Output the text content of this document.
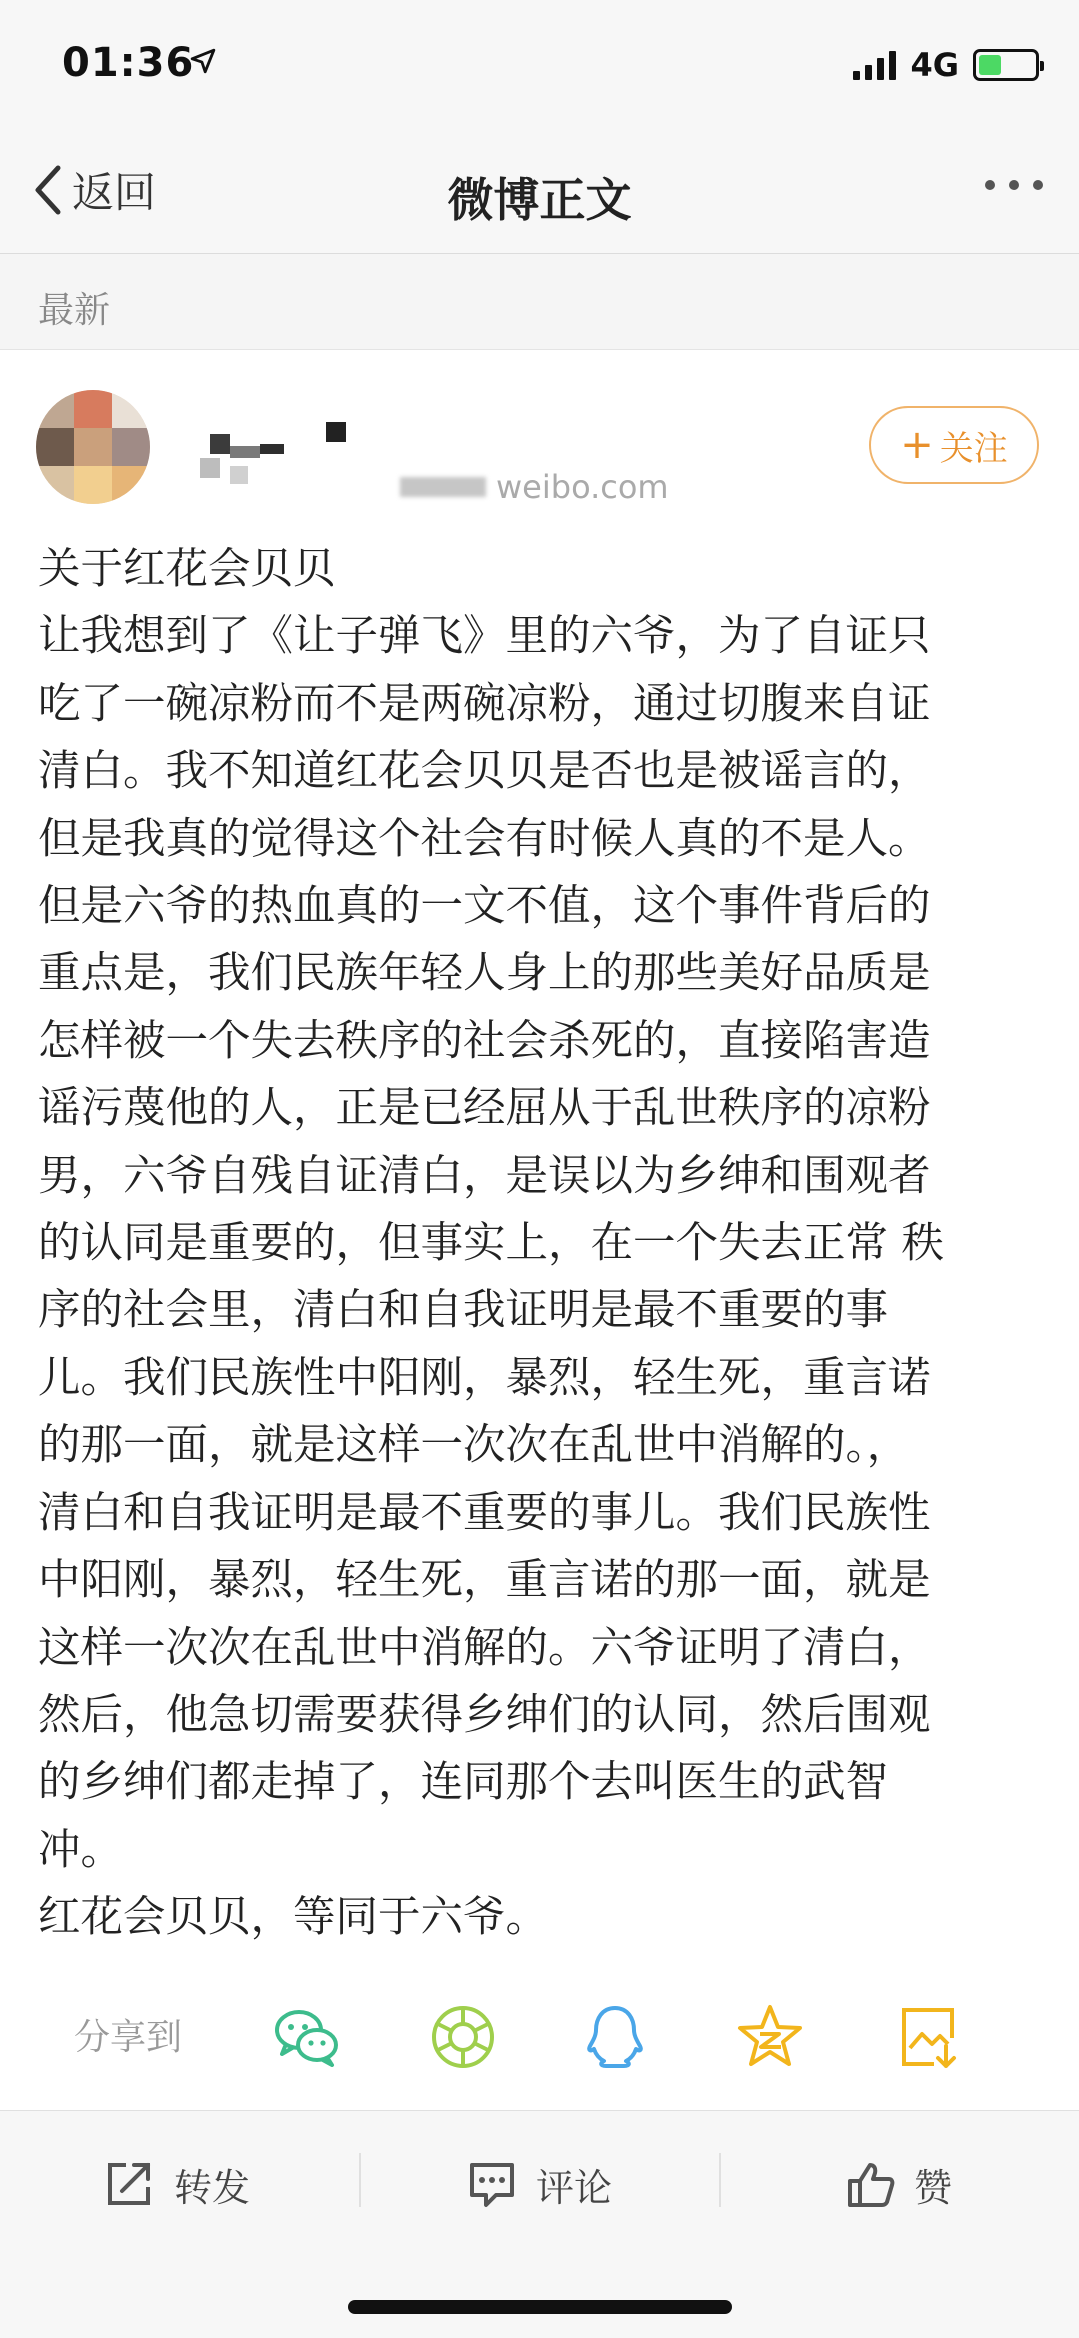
01:36	4G
返回	微博正文
最新
weibo.com
+ 关注

关于红花会贝贝

让我想到了《让子弹飞》里的六爷，为了自证只

吃了一碗凉粉而不是两碗凉粉，通过切腹来自证

清白。我不知道红花会贝贝是否也是被谣言的，

但是我真的觉得这个社会有时候人真的不是人。

但是六爷的热血真的一文不值，这个事件背后的

重点是，我们民族年轻人身上的那些美好品质是

怎样被一个失去秩序的社会杀死的，直接陷害造

谣污蔑他的人，正是已经屈从于乱世秩序的凉粉

男，六爷自残自证清白，是误以为乡绅和围观者

的认同是重要的，但事实上，在一个失去正常 秩

序的社会里，清白和自我证明是最不重要的事

儿。我们民族性中阳刚，暴烈，轻生死，重言诺

的那一面，就是这样一次次在乱世中消解的。，

清白和自我证明是最不重要的事儿。我们民族性

中阳刚，暴烈，轻生死，重言诺的那一面，就是

这样一次次在乱世中消解的。六爷证明了清白，

然后，他急切需要获得乡绅们的认同，然后围观

的乡绅们都走掉了，连同那个去叫医生的武智

冲。

红花会贝贝，等同于六爷。

分享到
转发	评论	赞
